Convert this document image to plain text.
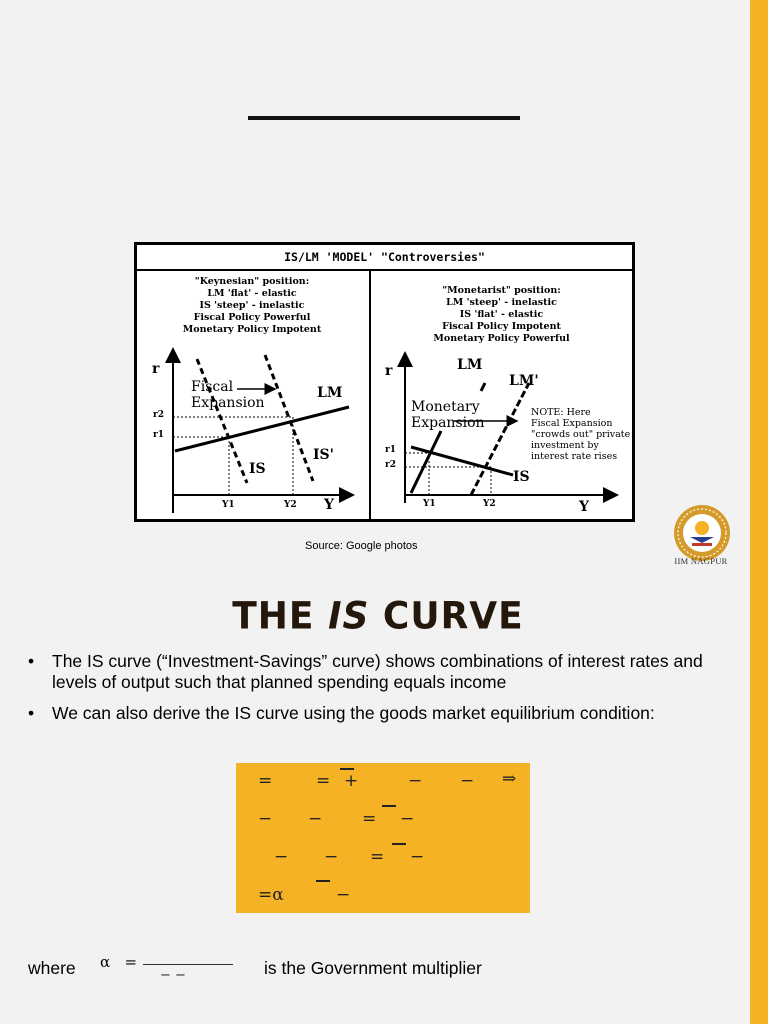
IS/LM 'MODEL' "Controversies"
"Keynesian" position:
LM 'flat' - elastic
IS 'steep' - inelastic
Fiscal Policy Powerful
Monetary Policy Impotent
r
Y
Fiscal
Expansion
LM
IS
IS'
r2
r1
Y1	Y2
"Monetarist" position:
LM 'steep' - inelastic
IS 'flat' - elastic
Fiscal Policy Impotent
Monetary Policy Powerful
r
Y
Monetary
Expansion
LM
LM'
IS
NOTE: Here
Fiscal Expansion
"crowds out" private
investment by
interest rate rises
r1
r2
Y1	Y2
Source: Google photos
IIM NAGPUR
THE IS CURVE
• The IS curve (“Investment-Savings” curve) shows combinations of interest rates and levels of output such that planned spending equals income
• We can also derive the IS curve using the goods market equilibrium condition:
=	= +	− − ⇒
− − = −
− − = −
=α	−
where α =
− −	is the Government multiplier
